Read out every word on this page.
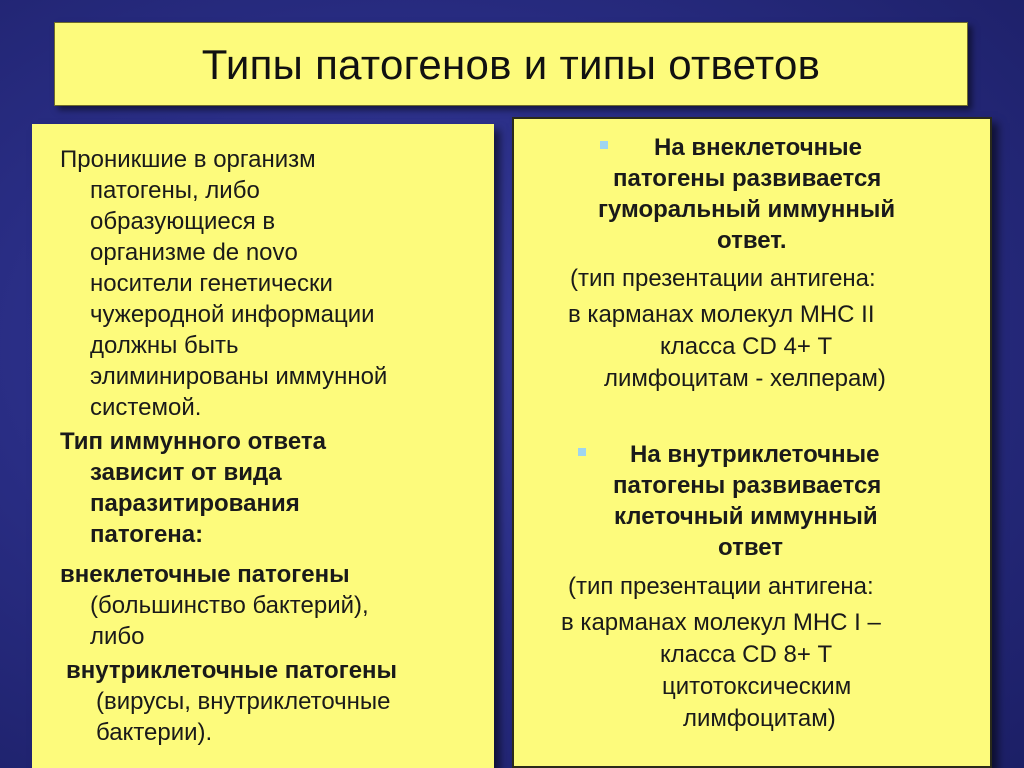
Типы патогенов и типы ответов
Проникшие в организм
патогены, либо
образующиеся в
организме de novo
носители генетически
чужеродной информации
должны быть
элиминированы иммунной
системой.
Тип иммунного ответа
зависит от вида
паразитирования
патогена:
внеклеточные патогены
(большинство бактерий),
либо
внутриклеточные патогены
(вирусы, внутриклеточные
бактерии).
На внеклеточные
патогены развивается
гуморальный иммунный
ответ.
(тип презентации антигена:
в карманах молекул МНС II
класса CD 4+ Т
лимфоцитам - хелперам)
На внутриклеточные
патогены развивается
клеточный иммунный
ответ
(тип презентации антигена:
в карманах молекул МНС I –
класса CD 8+ Т
цитотоксическим
лимфоцитам)
